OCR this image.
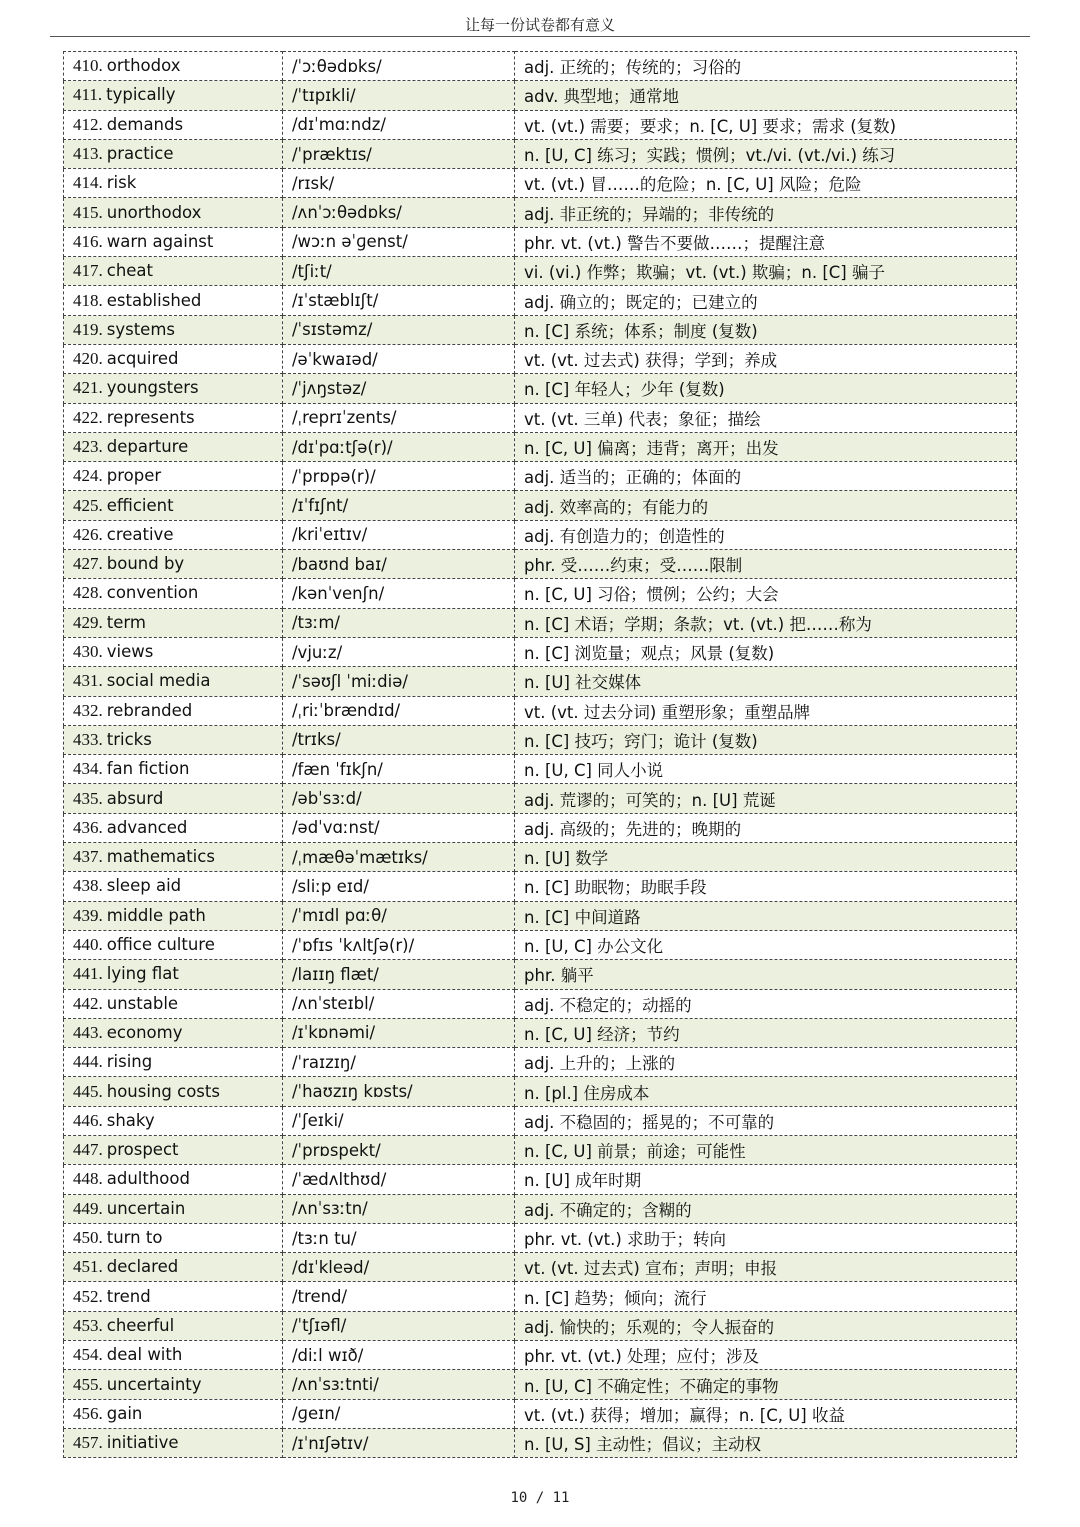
让每一份试卷都有意义
410. orthodox	/ˈɔːθədɒks/	adj. 正统的；传统的；习俗的
411. typically	/ˈtɪpɪkli/	adv. 典型地；通常地
412. demands	/dɪˈmɑːndz/	vt. (vt.) 需要；要求；n. [C, U] 要求；需求 (复数)
413. practice	/ˈpræktɪs/	n. [U, C] 练习；实践；惯例；vt./vi. (vt./vi.) 练习
414. risk	/rɪsk/	vt. (vt.) 冒……的危险；n. [C, U] 风险；危险
415. unorthodox	/ʌnˈɔːθədɒks/	adj. 非正统的；异端的；非传统的
416. warn against	/wɔːn əˈɡenst/	phr. vt. (vt.) 警告不要做……；提醒注意
417. cheat	/tʃiːt/	vi. (vi.) 作弊；欺骗；vt. (vt.) 欺骗；n. [C] 骗子
418. established	/ɪˈstæblɪʃt/	adj. 确立的；既定的；已建立的
419. systems	/ˈsɪstəmz/	n. [C] 系统；体系；制度 (复数)
420. acquired	/əˈkwaɪəd/	vt. (vt. 过去式) 获得；学到；养成
421. youngsters	/ˈjʌŋstəz/	n. [C] 年轻人；少年 (复数)
422. represents	/ˌreprɪˈzents/	vt. (vt. 三单) 代表；象征；描绘
423. departure	/dɪˈpɑːtʃə(r)/	n. [C, U] 偏离；违背；离开；出发
424. proper	/ˈprɒpə(r)/	adj. 适当的；正确的；体面的
425. efficient	/ɪˈfɪʃnt/	adj. 效率高的；有能力的
426. creative	/kriˈeɪtɪv/	adj. 有创造力的；创造性的
427. bound by	/baʊnd baɪ/	phr. 受……约束；受……限制
428. convention	/kənˈvenʃn/	n. [C, U] 习俗；惯例；公约；大会
429. term	/tɜːm/	n. [C] 术语；学期；条款；vt. (vt.) 把……称为
430. views	/vjuːz/	n. [C] 浏览量；观点；风景 (复数)
431. social media	/ˈsəʊʃl ˈmiːdiə/	n. [U] 社交媒体
432. rebranded	/ˌriːˈbrændɪd/	vt. (vt. 过去分词) 重塑形象；重塑品牌
433. tricks	/trɪks/	n. [C] 技巧；窍门；诡计 (复数)
434. fan fiction	/fæn ˈfɪkʃn/	n. [U, C] 同人小说
435. absurd	/əbˈsɜːd/	adj. 荒谬的；可笑的；n. [U] 荒诞
436. advanced	/ədˈvɑːnst/	adj. 高级的；先进的；晚期的
437. mathematics	/ˌmæθəˈmætɪks/	n. [U] 数学
438. sleep aid	/sliːp eɪd/	n. [C] 助眠物；助眠手段
439. middle path	/ˈmɪdl pɑːθ/	n. [C] 中间道路
440. office culture	/ˈɒfɪs ˈkʌltʃə(r)/	n. [U, C] 办公文化
441. lying flat	/laɪɪŋ flæt/	phr. 躺平
442. unstable	/ʌnˈsteɪbl/	adj. 不稳定的；动摇的
443. economy	/ɪˈkɒnəmi/	n. [C, U] 经济；节约
444. rising	/ˈraɪzɪŋ/	adj. 上升的；上涨的
445. housing costs	/ˈhaʊzɪŋ kɒsts/	n. [pl.] 住房成本
446. shaky	/ˈʃeɪki/	adj. 不稳固的；摇晃的；不可靠的
447. prospect	/ˈprɒspekt/	n. [C, U] 前景；前途；可能性
448. adulthood	/ˈædʌlthʊd/	n. [U] 成年时期
449. uncertain	/ʌnˈsɜːtn/	adj. 不确定的；含糊的
450. turn to	/tɜːn tu/	phr. vt. (vt.) 求助于；转向
451. declared	/dɪˈkleəd/	vt. (vt. 过去式) 宣布；声明；申报
452. trend	/trend/	n. [C] 趋势；倾向；流行
453. cheerful	/ˈtʃɪəfl/	adj. 愉快的；乐观的；令人振奋的
454. deal with	/diːl wɪð/	phr. vt. (vt.) 处理；应付；涉及
455. uncertainty	/ʌnˈsɜːtnti/	n. [U, C] 不确定性；不确定的事物
456. gain	/ɡeɪn/	vt. (vt.) 获得；增加；赢得；n. [C, U] 收益
457. initiative	/ɪˈnɪʃətɪv/	n. [U, S] 主动性；倡议；主动权
10 / 11
